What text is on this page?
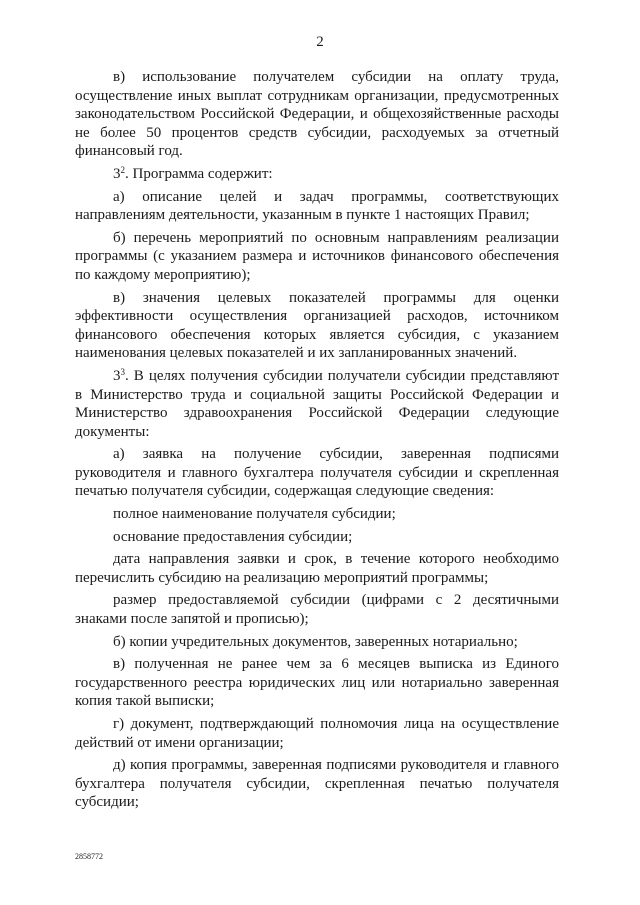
2

в) использование получателем субсидии на оплату труда, осуществление иных выплат сотрудникам организации, предусмотренных законодательством Российской Федерации, и общехозяйственные расходы не более 50 процентов средств субсидии, расходуемых за отчетный финансовый год.

$3^2$. Программа содержит:

а) описание целей и задач программы, соответствующих направлениям деятельности, указанным в пункте 1 настоящих Правил;

б) перечень мероприятий по основным направлениям реализации программы (с указанием размера и источников финансового обеспечения по каждому мероприятию);

в) значения целевых показателей программы для оценки эффективности осуществления организацией расходов, источником финансового обеспечения которых является субсидия, с указанием наименования целевых показателей и их запланированных значений.

$3^3$. В целях получения субсидии получатели субсидии представляют в Министерство труда и социальной защиты Российской Федерации и Министерство здравоохранения Российской Федерации следующие документы:

а) заявка на получение субсидии, заверенная подписями руководителя и главного бухгалтера получателя субсидии и скрепленная печатью получателя субсидии, содержащая следующие сведения:

полное наименование получателя субсидии;

основание предоставления субсидии;

дата направления заявки и срок, в течение которого необходимо перечислить субсидию на реализацию мероприятий программы;

размер предоставляемой субсидии (цифрами с 2 десятичными знаками после запятой и прописью);

б) копии учредительных документов, заверенных нотариально;

в) полученная не ранее чем за 6 месяцев выписка из Единого государственного реестра юридических лиц или нотариально заверенная копия такой выписки;

г) документ, подтверждающий полномочия лица на осуществление действий от имени организации;

д) копия программы, заверенная подписями руководителя и главного бухгалтера получателя субсидии, скрепленная печатью получателя субсидии;

2858772
